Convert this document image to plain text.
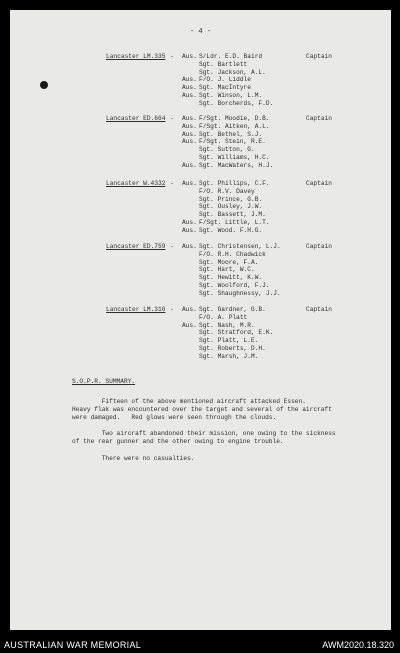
- 4 -
Lancaster LM.335 - Aus. S/Ldr. E.D. Baird	Captain
Sgt. Bartlett
Sgt. Jackson, A.L.
Aus. F/O. J. Liddle
Aus. Sgt. MacIntyre
Aus. Sgt. Winson, L.M.
Sgt. Borcherds, F.D.
Lancaster ED.664 - Aus. F/Sgt. Moodie, D.B.	Captain
Aus. F/Sgt. Aitken, A.L.
Aus. Sgt. Bethel, S.J.
Aus. F/Sgt. Stein, R.E.
Sgt. Sutton, G.
Sgt. Williams, H.C.
Aus. Sgt. MacWaters, H.J.
Lancaster W.4332 - Aus. Sgt. Phillips, C.F.	Captain
F/O. R.V. Davey
Sgt. Prince, G.B.
Sgt. Ousley, J.W.
Sgt. Bassett, J.M.
Aus. F/Sgt. Little, L.T.
Aus. Sgt. Wood. F.H.G.
Lancaster ED.759 - Aus. Sgt. Christensen, L.J.	Captain
F/O. R.H. Chadwick
Sgt. Moore, F.A.
Sgt. Hart, W.C.
Sgt. Hewitt, K.W.
Sgt. Woolford, F.J.
Sgt. Shaughnessy, J.J.
Lancaster LM.316 - Aus. Sgt. Gardner, G.B.	Captain
F/O. A. Platt
Aus. Sgt. Nash, M.R.
Sgt. Stratford, E.K.
Sgt. Platt, L.E.
Sgt. Roberts, D.H.
Sgt. Marsh, J.M.
S.O.P.R. SUMMARY.
Fifteen of the above mentioned aircraft attacked Essen.
Heavy flak was encountered over the target and several of the aircraft
were damaged.   Red glows were seen through the clouds.
Two aircraft abandoned their mission, one owing to the sickness
of the rear gunner and the other owing to engine trouble.
There were no casualties.
AUSTRALIAN WAR MEMORIAL	AWM2020.18.320
